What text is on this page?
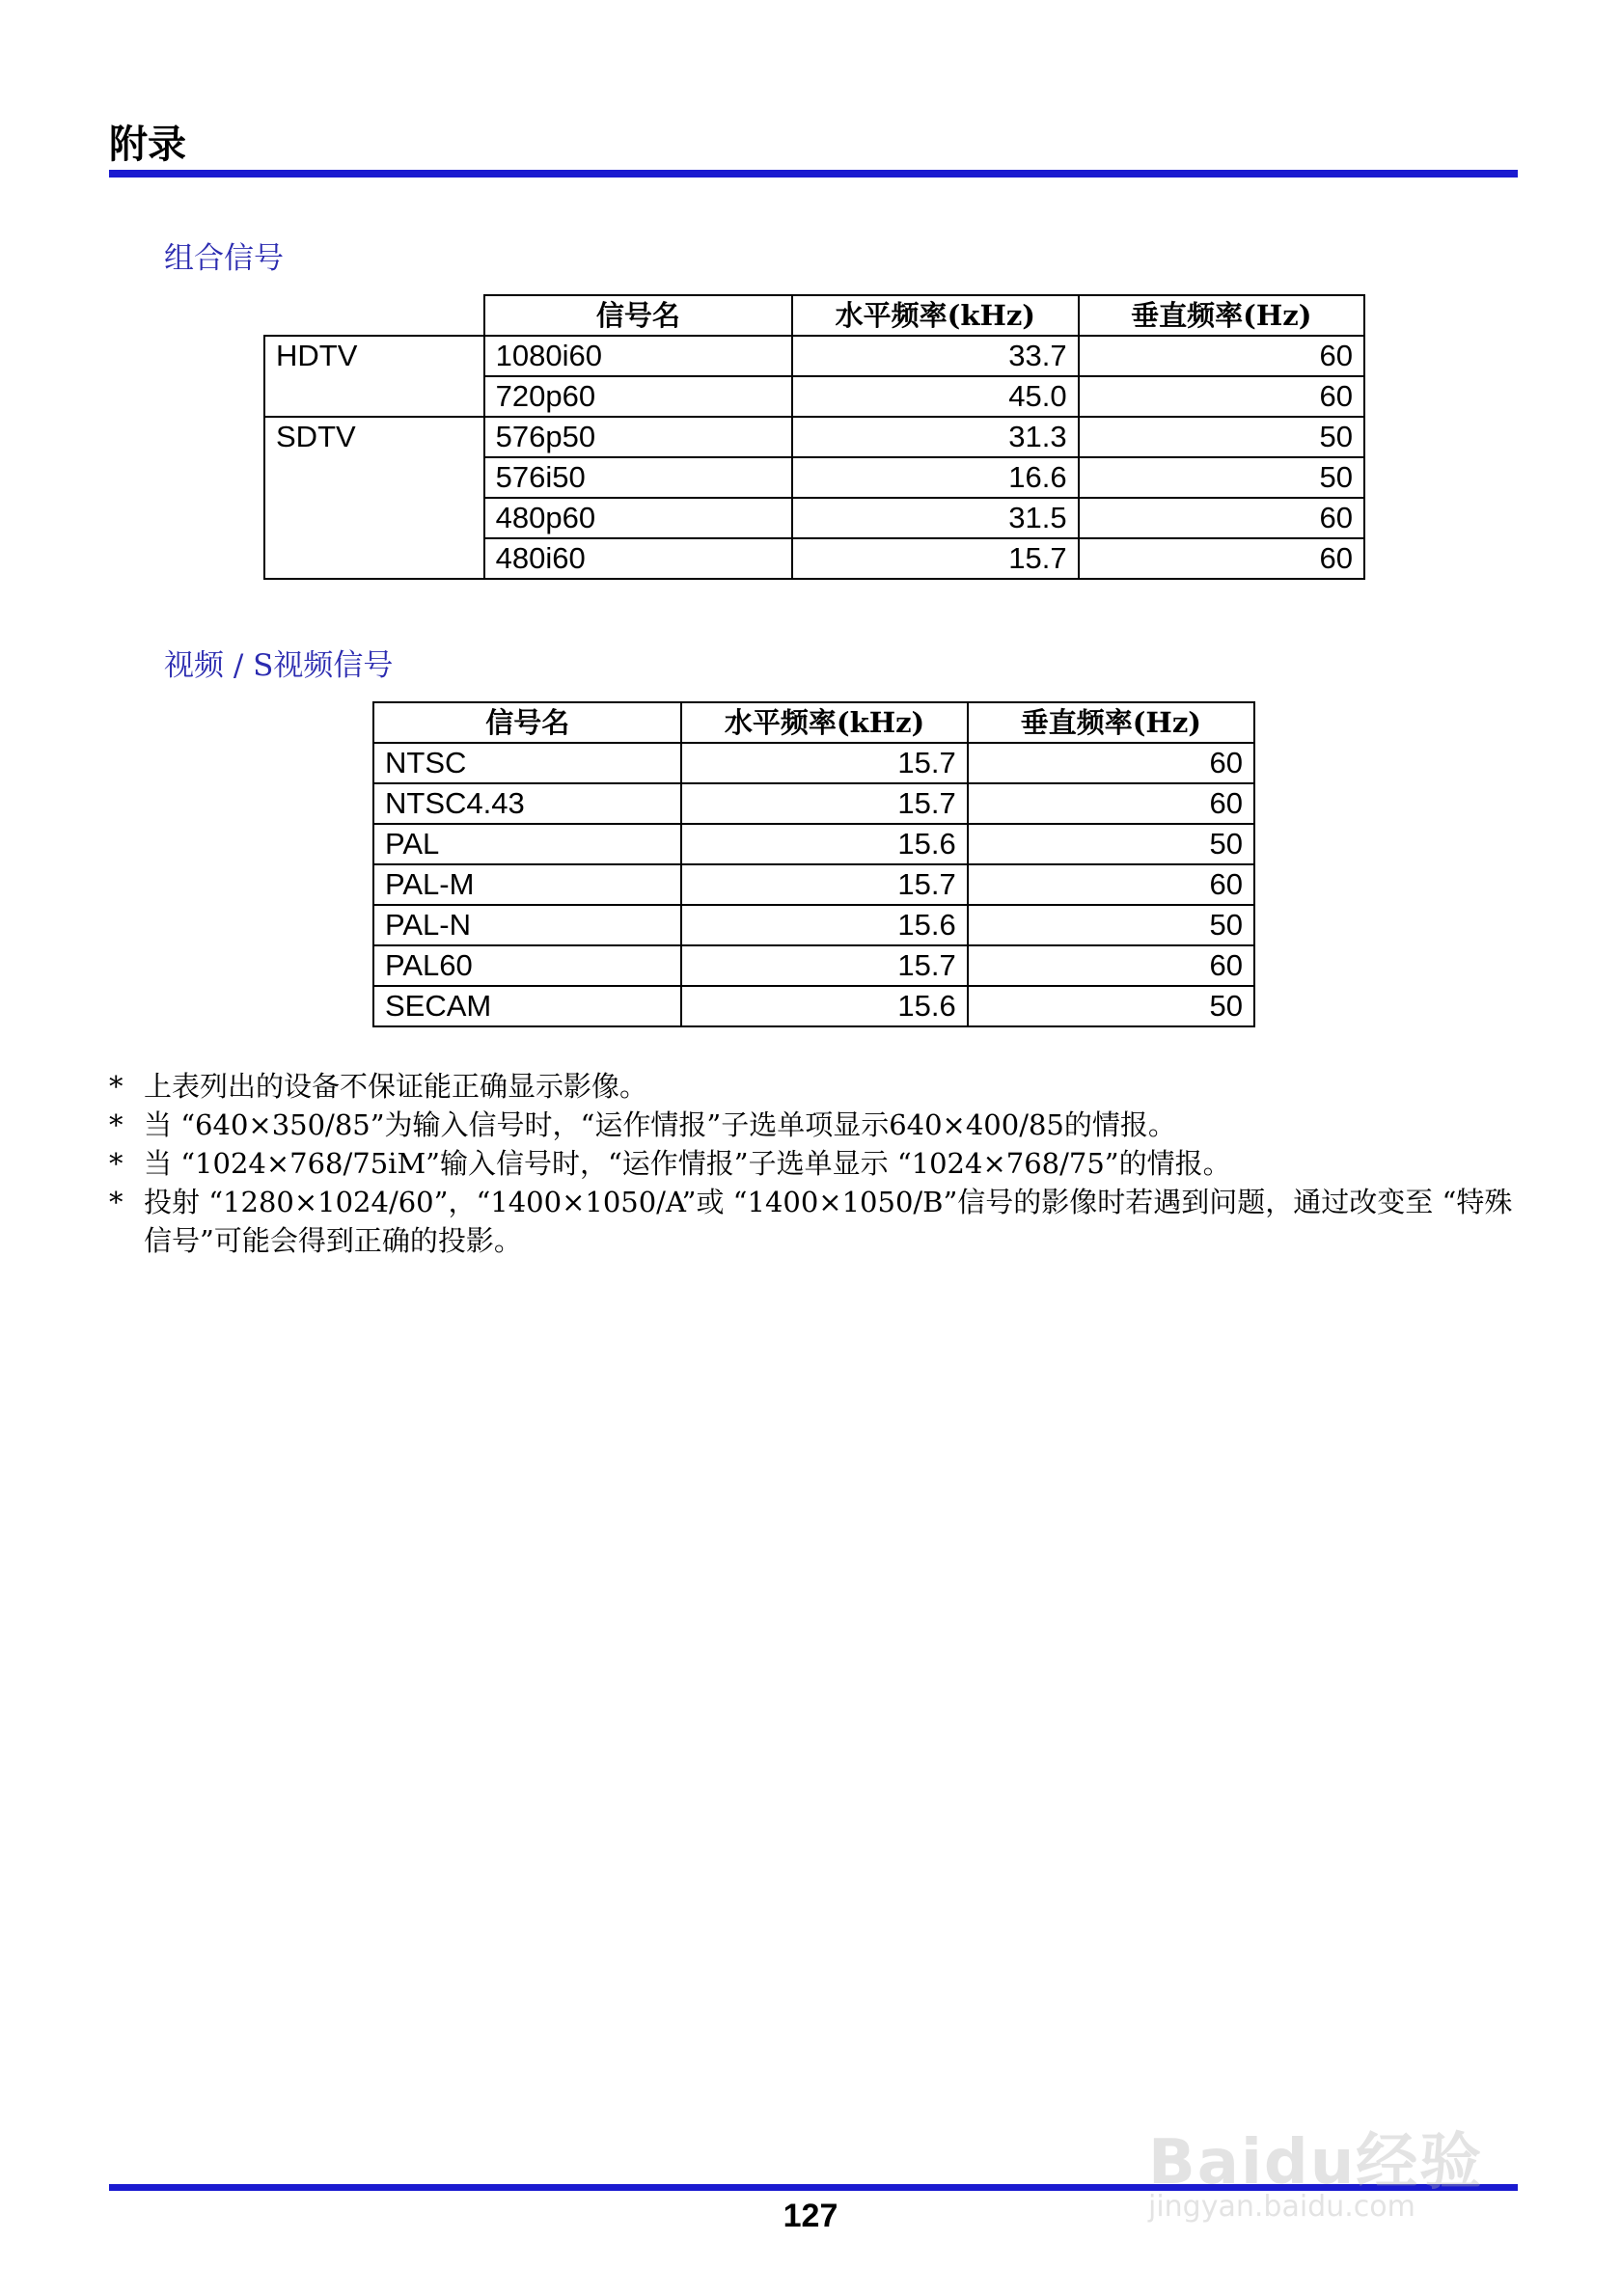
附录
组合信号
	信号名	水平频率(kHz)	垂直频率(Hz)
HDTV	1080i60	33.7	60
	720p60	45.0	60
SDTV	576p50	31.3	50
	576i50	16.6	50
	480p60	31.5	60
	480i60	15.7	60
视频 / S视频信号
信号名	水平频率(kHz)	垂直频率(Hz)
NTSC	15.7	60
NTSC4.43	15.7	60
PAL	15.6	50
PAL-M	15.7	60
PAL-N	15.6	50
PAL60	15.7	60
SECAM	15.6	50
* 上表列出的设备不保证能正确显示影像。
* 当 “640×350/85”为输入信号时，“运作情报”子选单项显示640×400/85的情报。
* 当 “1024×768/75iM”输入信号时，“运作情报”子选单显示 “1024×768/75”的情报。
* 投射 “1280×1024/60”，“1400×1050/A”或 “1400×1050/B”信号的影像时若遇到问题，通过改变至 “特殊信号”可能会得到正确的投影。
127
Baidu经验
jingyan.baidu.com
